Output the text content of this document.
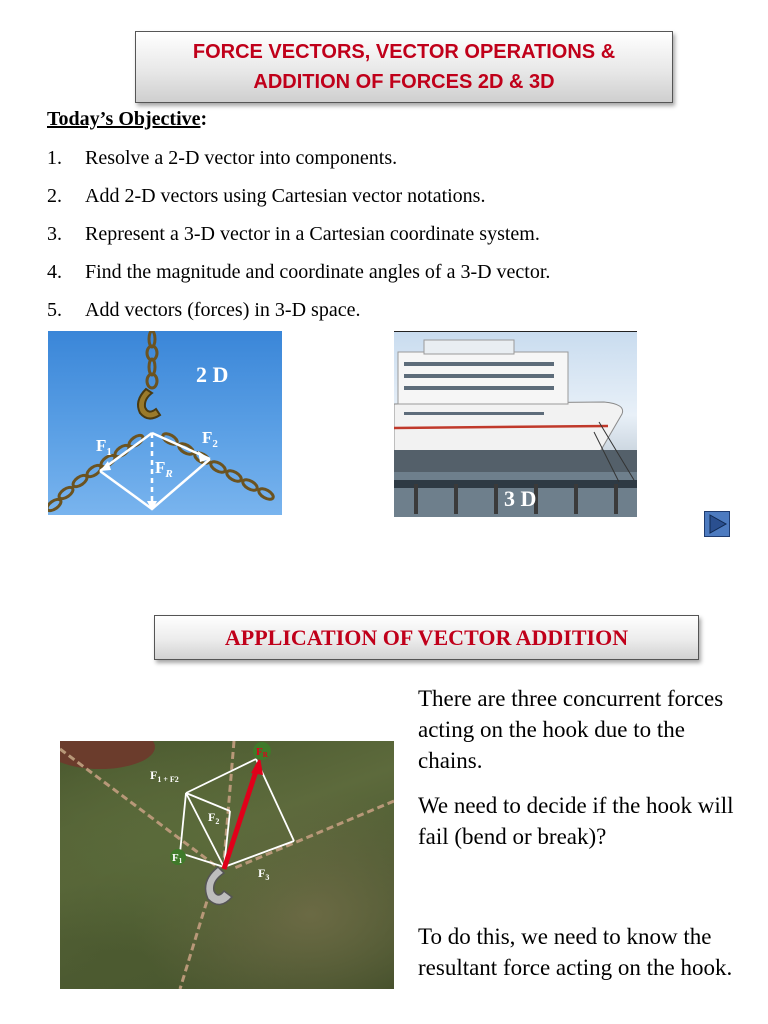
FORCE VECTORS, VECTOR OPERATIONS &
ADDITION OF FORCES 2D & 3D
Today’s Objective:
1. Resolve a 2-D vector into components.
2. Add 2-D vectors using Cartesian vector notations.
3. Represent a 3-D vector in a Cartesian coordinate system.
4. Find the magnitude and coordinate angles of a 3-D vector.
5. Add vectors (forces) in 3-D space.
$F_1$
$F_2$
$F_R$
2 D
3 D
APPLICATION OF VECTOR ADDITION
$F_{1 + F}2$
$F_2$
F1
$F_3$
FR
There are three concurrent forces acting on the hook due to the chains.
We need to decide if the hook will fail (bend or break)?
To do this, we need to know the resultant force acting on the hook.
